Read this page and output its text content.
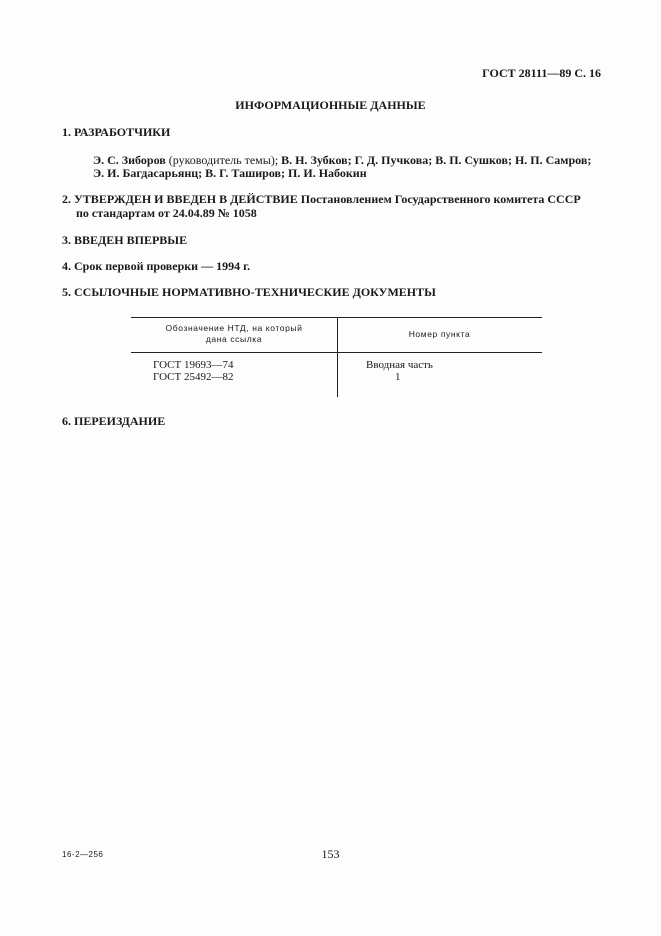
ГОСТ 28111—89 С. 16
ИНФОРМАЦИОННЫЕ ДАННЫЕ
1. РАЗРАБОТЧИКИ
Э. С. Зиборов (руководитель темы); В. Н. Зубков; Г. Д. Пучкова; В. П. Сушков; Н. П. Самров;
Э. И. Багдасарьянц; В. Г. Таширов; П. И. Набокин
2. УТВЕРЖДЕН И ВВЕДЕН В ДЕЙСТВИЕ Постановлением Государственного комитета СССР
по стандартам от 24.04.89 № 1058
3. ВВЕДЕН ВПЕРВЫЕ
4. Срок первой проверки — 1994 г.
5. ССЫЛОЧНЫЕ НОРМАТИВНО-ТЕХНИЧЕСКИЕ ДОКУМЕНТЫ
Обозначение НТД, на который
дана ссылка	Номер пункта
ГОСТ 19693—74	Вводная часть
ГОСТ 25492—82	1
6. ПЕРЕИЗДАНИЕ
16-2—256	153
